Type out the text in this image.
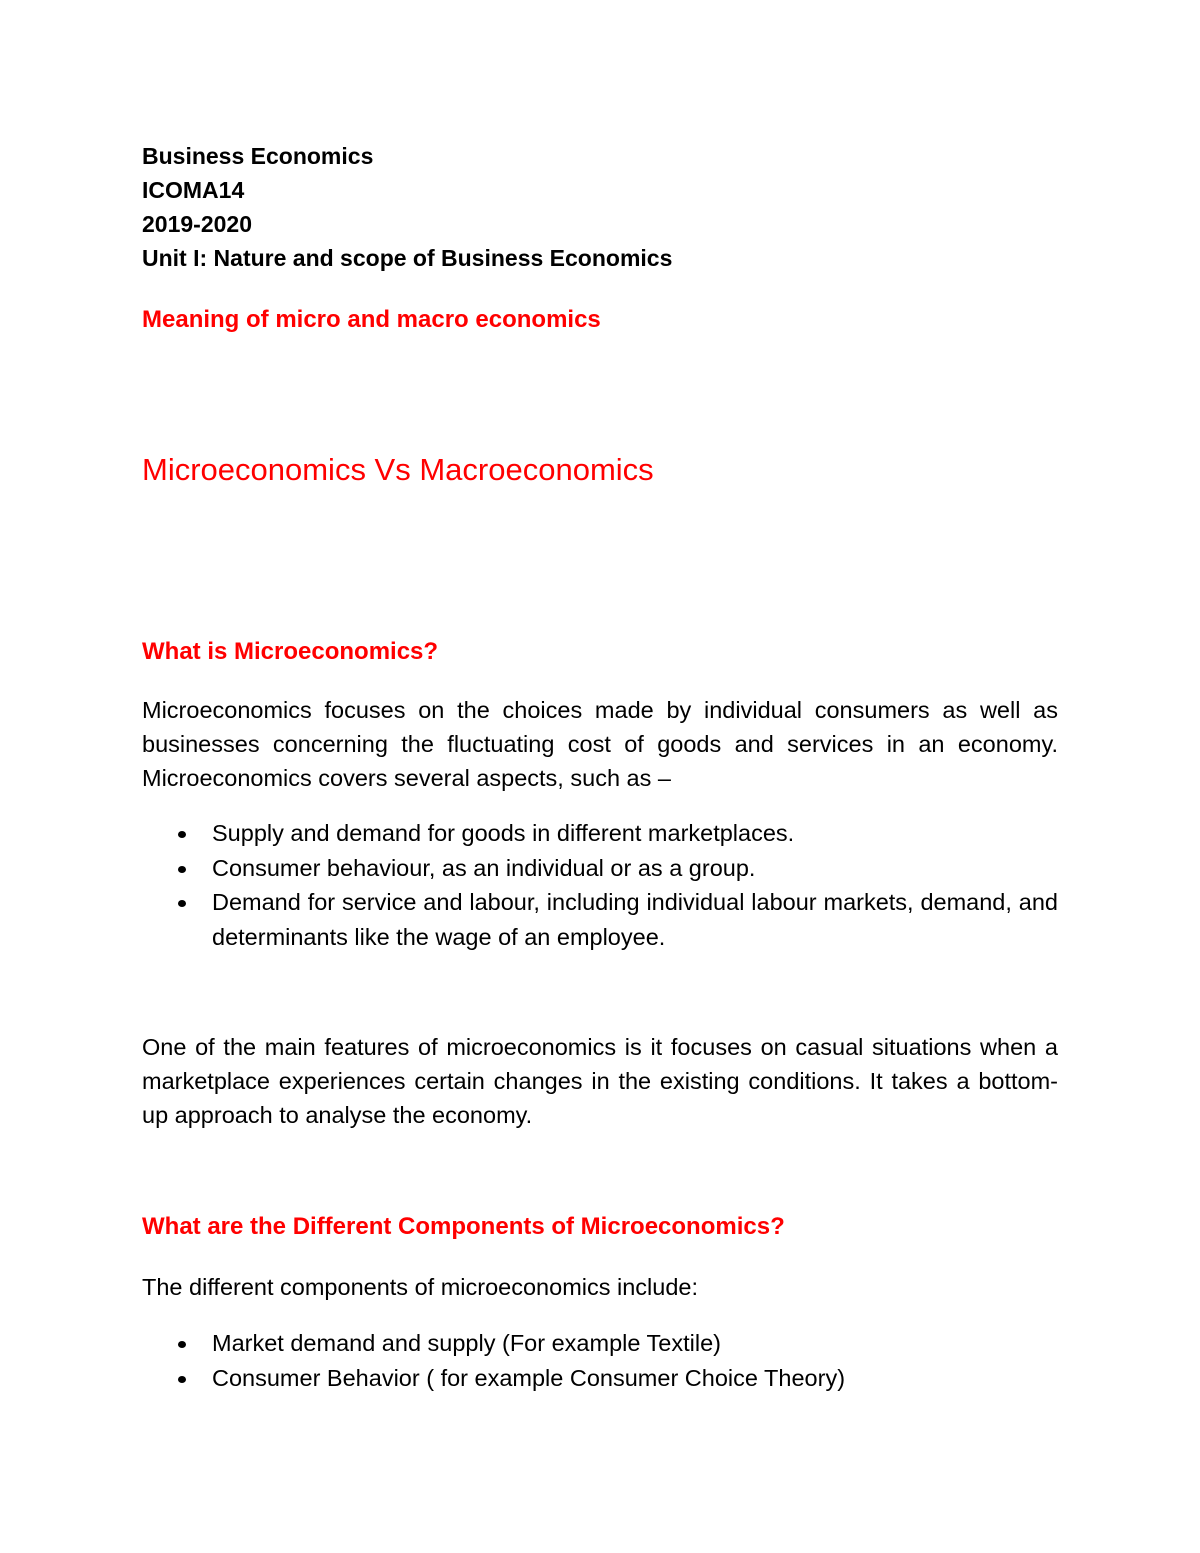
Business Economics
ICOMA14
2019-2020
Unit I: Nature and scope of Business Economics
Meaning of micro and macro economics
Microeconomics Vs Macroeconomics
What is Microeconomics?

Microeconomics focuses on the choices made by individual consumers as well as businesses concerning the fluctuating cost of goods and services in an economy. Microeconomics covers several aspects, such as –

Supply and demand for goods in different marketplaces.
Consumer behaviour, as an individual or as a group.
Demand for service and labour, including individual labour markets, demand, and determinants like the wage of an employee.

One of the main features of microeconomics is it focuses on casual situations when a marketplace experiences certain changes in the existing conditions. It takes a bottom-up approach to analyse the economy.

What are the Different Components of Microeconomics?

The different components of microeconomics include:

Market demand and supply (For example Textile)
Consumer Behavior ( for example Consumer Choice Theory)
